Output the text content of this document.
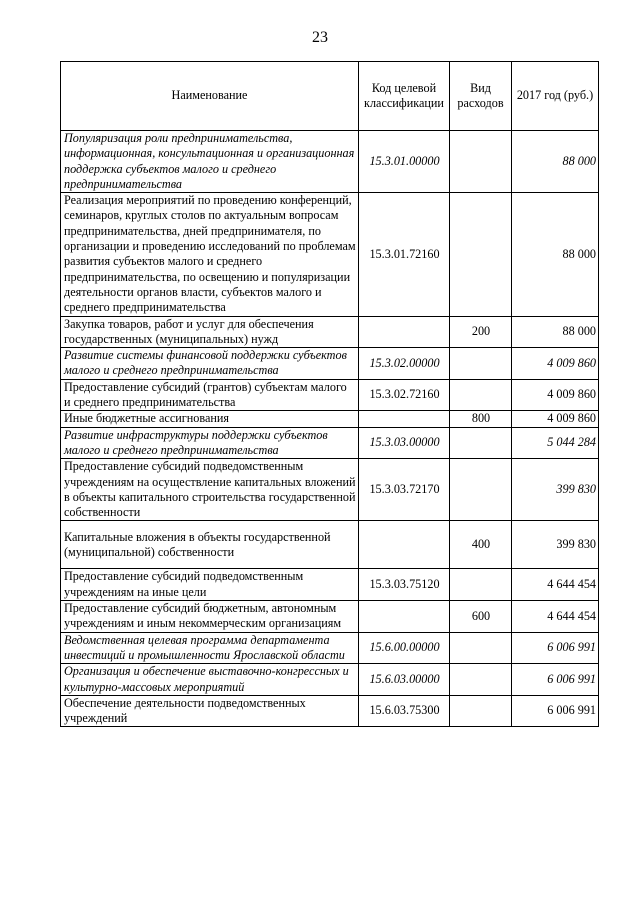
23
Наименование	Код целевой классификации	Вид расходов	2017 год (руб.)
Популяризация роли предпринимательства, информационная, консультационная и организационная поддержка субъектов малого и среднего предпринимательства	15.3.01.00000		88 000
Реализация мероприятий по проведению конференций, семинаров, круглых столов по актуальным вопросам предпринимательства, дней предпринимателя, по организации и проведению исследований по проблемам развития субъектов малого и среднего предпринимательства, по освещению и популяризации деятельности органов власти, субъектов малого и среднего предпринимательства	15.3.01.72160		88 000
Закупка товаров, работ и услуг для обеспечения государственных (муниципальных) нужд		200	88 000
Развитие системы финансовой поддержки субъектов малого и среднего предпринимательства	15.3.02.00000		4 009 860
Предоставление субсидий (грантов) субъектам малого и среднего предпринимательства	15.3.02.72160		4 009 860
Иные бюджетные ассигнования		800	4 009 860
Развитие инфраструктуры поддержки субъектов малого и среднего предпринимательства	15.3.03.00000		5 044 284
Предоставление субсидий подведомственным учреждениям на осуществление капитальных вложений в объекты капитального строительства государственной собственности	15.3.03.72170		399 830
Капитальные вложения в объекты государственной (муниципальной) собственности		400	399 830
Предоставление субсидий подведомственным учреждениям на иные цели	15.3.03.75120		4 644 454
Предоставление субсидий бюджетным, автономным учреждениям и иным некоммерческим организациям		600	4 644 454
Ведомственная целевая программа департамента инвестиций и промышленности Ярославской области	15.6.00.00000		6 006 991
Организация и обеспечение выставочно-конгрессных и культурно-массовых мероприятий	15.6.03.00000		6 006 991
Обеспечение деятельности подведомственных учреждений	15.6.03.75300		6 006 991
